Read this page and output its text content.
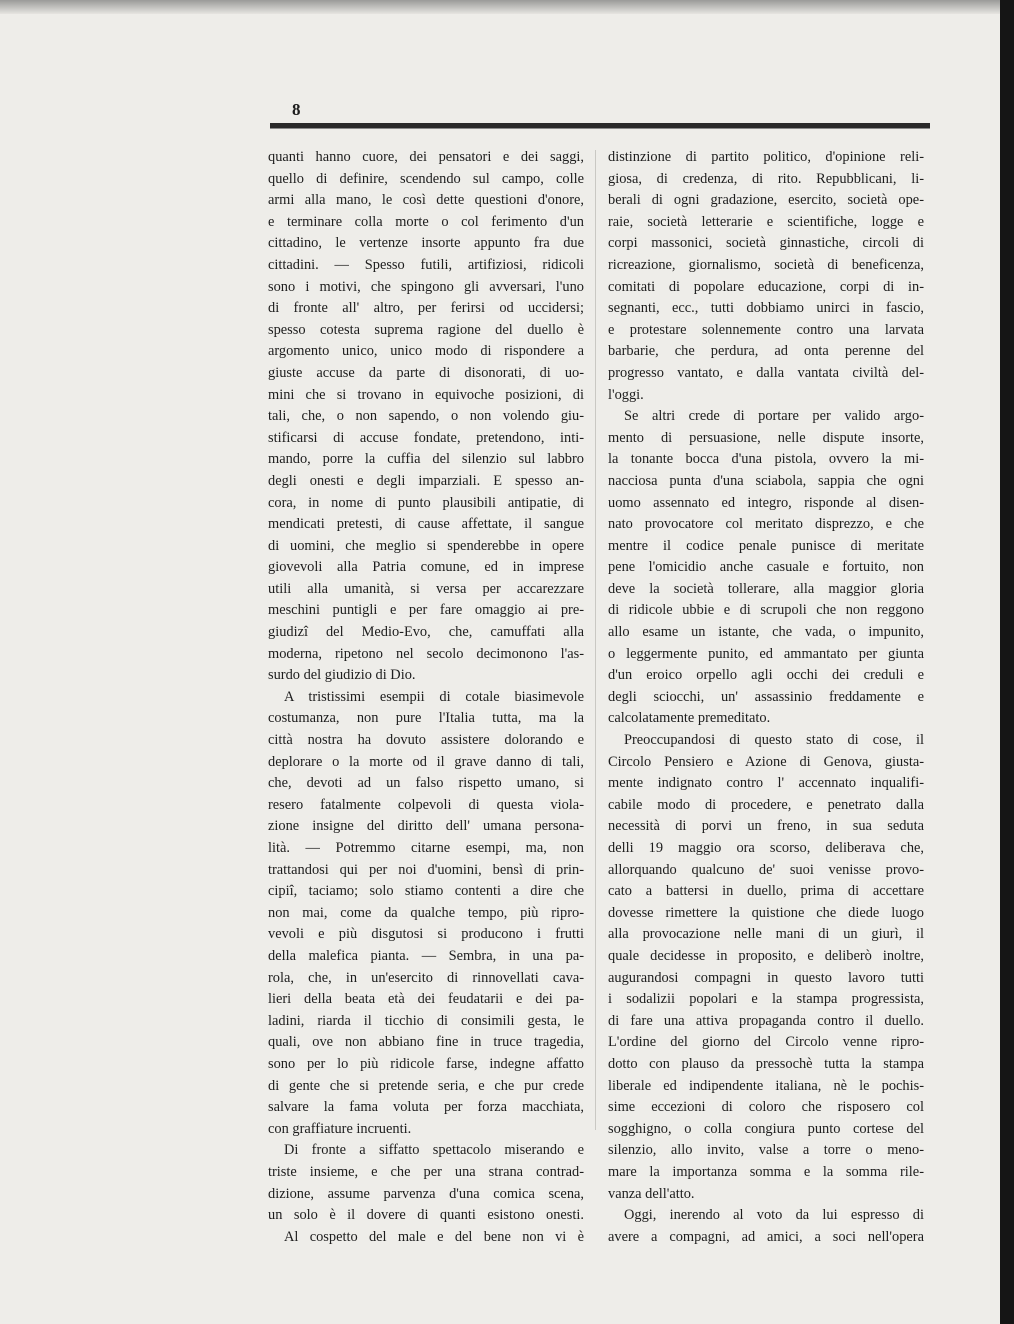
8
quanti hanno cuore, dei pensatori e dei saggi,
quello di definire, scendendo sul campo, colle
armi alla mano, le così dette questioni d'onore,
e terminare colla morte o col ferimento d'un
cittadino, le vertenze insorte appunto fra due
cittadini. — Spesso futili, artifiziosi, ridicoli
sono i motivi, che spingono gli avversari, l'uno
di fronte all' altro, per ferirsi od uccidersi;
spesso cotesta suprema ragione del duello è
argomento unico, unico modo di rispondere a
giuste accuse da parte di disonorati, di uo-
mini che si trovano in equivoche posizioni, di
tali, che, o non sapendo, o non volendo giu-
stificarsi di accuse fondate, pretendono, inti-
mando, porre la cuffia del silenzio sul labbro
degli onesti e degli imparziali. E spesso an-
cora, in nome di punto plausibili antipatie, di
mendicati pretesti, di cause affettate, il sangue
di uomini, che meglio si spenderebbe in opere
giovevoli alla Patria comune, ed in imprese
utili alla umanità, si versa per accarezzare
meschini puntigli e per fare omaggio ai pre-
giudizî del Medio-Evo, che, camuffati alla
moderna, ripetono nel secolo decimonono l'as-
surdo del giudizio di Dio.
A tristissimi esempii di cotale biasimevole
costumanza, non pure l'Italia tutta, ma la
città nostra ha dovuto assistere dolorando e
deplorare o la morte od il grave danno di tali,
che, devoti ad un falso rispetto umano, si
resero fatalmente colpevoli di questa viola-
zione insigne del diritto dell' umana persona-
lità. — Potremmo citarne esempi, ma, non
trattandosi qui per noi d'uomini, bensì di prin-
cipiî, taciamo; solo stiamo contenti a dire che
non mai, come da qualche tempo, più ripro-
vevoli e più disgutosi si producono i frutti
della malefica pianta. — Sembra, in una pa-
rola, che, in un'esercito di rinnovellati cava-
lieri della beata età dei feudatarii e dei pa-
ladini, riarda il ticchio di consimili gesta, le
quali, ove non abbiano fine in truce tragedia,
sono per lo più ridicole farse, indegne affatto
di gente che si pretende seria, e che pur crede
salvare la fama voluta per forza macchiata,
con graffiature incruenti.
Di fronte a siffatto spettacolo miserando e
triste insieme, e che per una strana contrad-
dizione, assume parvenza d'una comica scena,
un solo è il dovere di quanti esistono onesti.
Al cospetto del male e del bene non vi è
distinzione di partito politico, d'opinione reli-
giosa, di credenza, di rito. Repubblicani, li-
berali di ogni gradazione, esercito, società ope-
raie, società letterarie e scientifiche, logge e
corpi massonici, società ginnastiche, circoli di
ricreazione, giornalismo, società di beneficenza,
comitati di popolare educazione, corpi di in-
segnanti, ecc., tutti dobbiamo unirci in fascio,
e protestare solennemente contro una larvata
barbarie, che perdura, ad onta perenne del
progresso vantato, e dalla vantata civiltà del-
l'oggi.
Se altri crede di portare per valido argo-
mento di persuasione, nelle dispute insorte,
la tonante bocca d'una pistola, ovvero la mi-
nacciosa punta d'una sciabola, sappia che ogni
uomo assennato ed integro, risponde al disen-
nato provocatore col meritato disprezzo, e che
mentre il codice penale punisce di meritate
pene l'omicidio anche casuale e fortuito, non
deve la società tollerare, alla maggior gloria
di ridicole ubbie e di scrupoli che non reggono
allo esame un istante, che vada, o impunito,
o leggermente punito, ed ammantato per giunta
d'un eroico orpello agli occhi dei creduli e
degli sciocchi, un' assassinio freddamente e
calcolatamente premeditato.
Preoccupandosi di questo stato di cose, il
Circolo Pensiero e Azione di Genova, giusta-
mente indignato contro l' accennato inqualifi-
cabile modo di procedere, e penetrato dalla
necessità di porvi un freno, in sua seduta
delli 19 maggio ora scorso, deliberava che,
allorquando qualcuno de' suoi venisse provo-
cato a battersi in duello, prima di accettare
dovesse rimettere la quistione che diede luogo
alla provocazione nelle mani di un giurì, il
quale decidesse in proposito, e deliberò inoltre,
augurandosi compagni in questo lavoro tutti
i sodalizii popolari e la stampa progressista,
di fare una attiva propaganda contro il duello.
L'ordine del giorno del Circolo venne ripro-
dotto con plauso da pressochè tutta la stampa
liberale ed indipendente italiana, nè le pochis-
sime eccezioni di coloro che risposero col
sogghigno, o colla congiura punto cortese del
silenzio, allo invito, valse a torre o meno-
mare la importanza somma e la somma rile-
vanza dell'atto.
Oggi, inerendo al voto da lui espresso di
avere a compagni, ad amici, a soci nell'opera
